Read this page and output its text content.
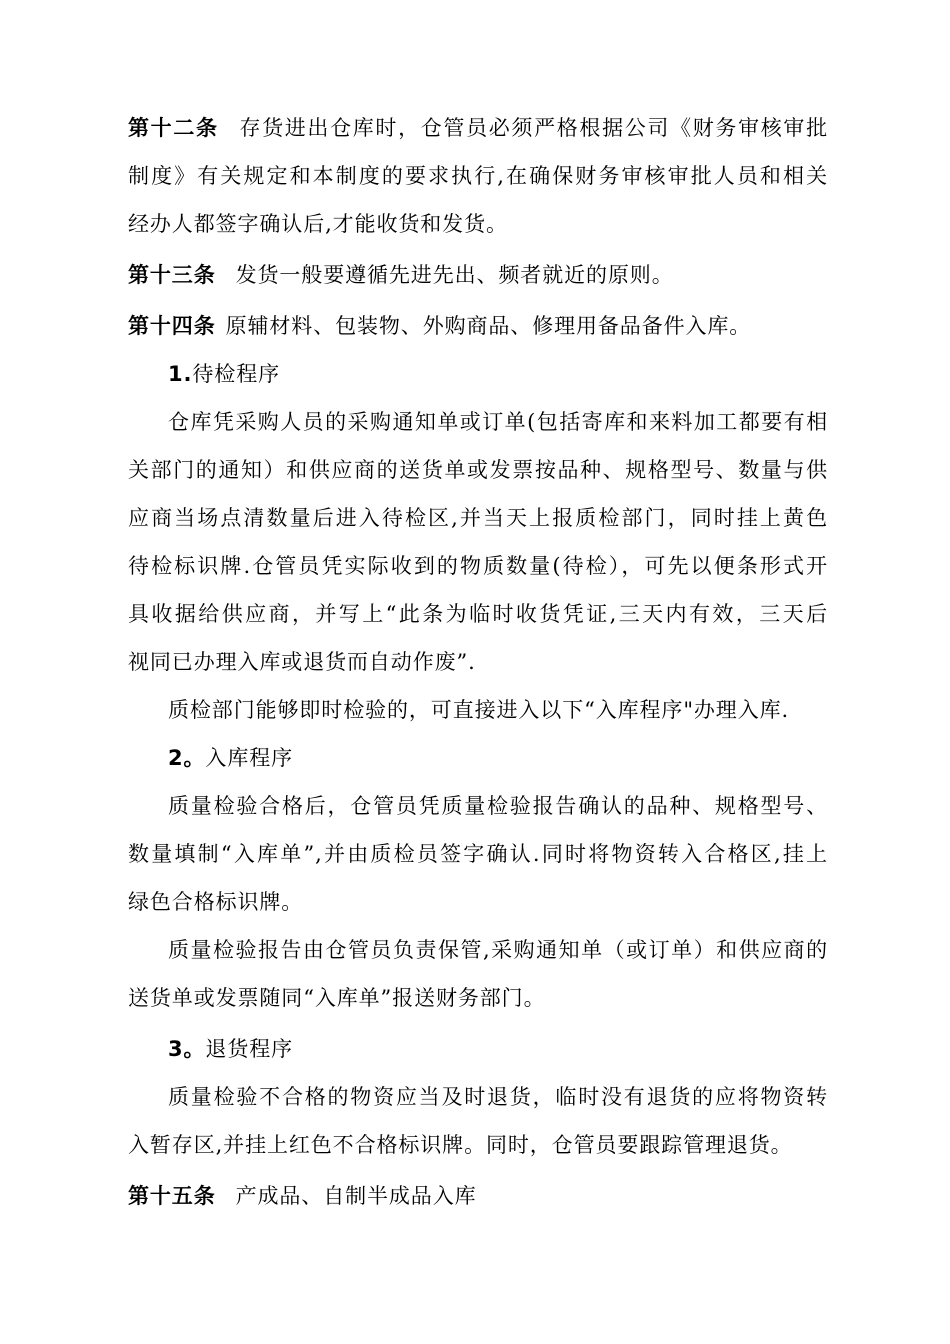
第十二条 存货进出仓库时，仓管员必须严格根据公司《财务审核审批
制度》有关规定和本制度的要求执行,在确保财务审核审批人员和相关
经办人都签字确认后,才能收货和发货。
第十三条 发货一般要遵循先进先出、频者就近的原则。
第十四条 原辅材料、包装物、外购商品、修理用备品备件入库。
1.待检程序
仓库凭采购人员的采购通知单或订单(包括寄库和来料加工都要有相
关部门的通知）和供应商的送货单或发票按品种、规格型号、数量与供
应商当场点清数量后进入待检区,并当天上报质检部门，同时挂上黄色
待检标识牌.仓管员凭实际收到的物质数量(待检），可先以便条形式开
具收据给供应商，并写上“此条为临时收货凭证,三天内有效，三天后
视同已办理入库或退货而自动作废”.
质检部门能够即时检验的，可直接进入以下“入库程序"办理入库.
2。入库程序
质量检验合格后，仓管员凭质量检验报告确认的品种、规格型号、
数量填制“入库单”,并由质检员签字确认.同时将物资转入合格区,挂上
绿色合格标识牌。
质量检验报告由仓管员负责保管,采购通知单（或订单）和供应商的
送货单或发票随同“入库单”报送财务部门。
3。退货程序
质量检验不合格的物资应当及时退货，临时没有退货的应将物资转
入暂存区,并挂上红色不合格标识牌。同时，仓管员要跟踪管理退货。
第十五条 产成品、自制半成品入库
